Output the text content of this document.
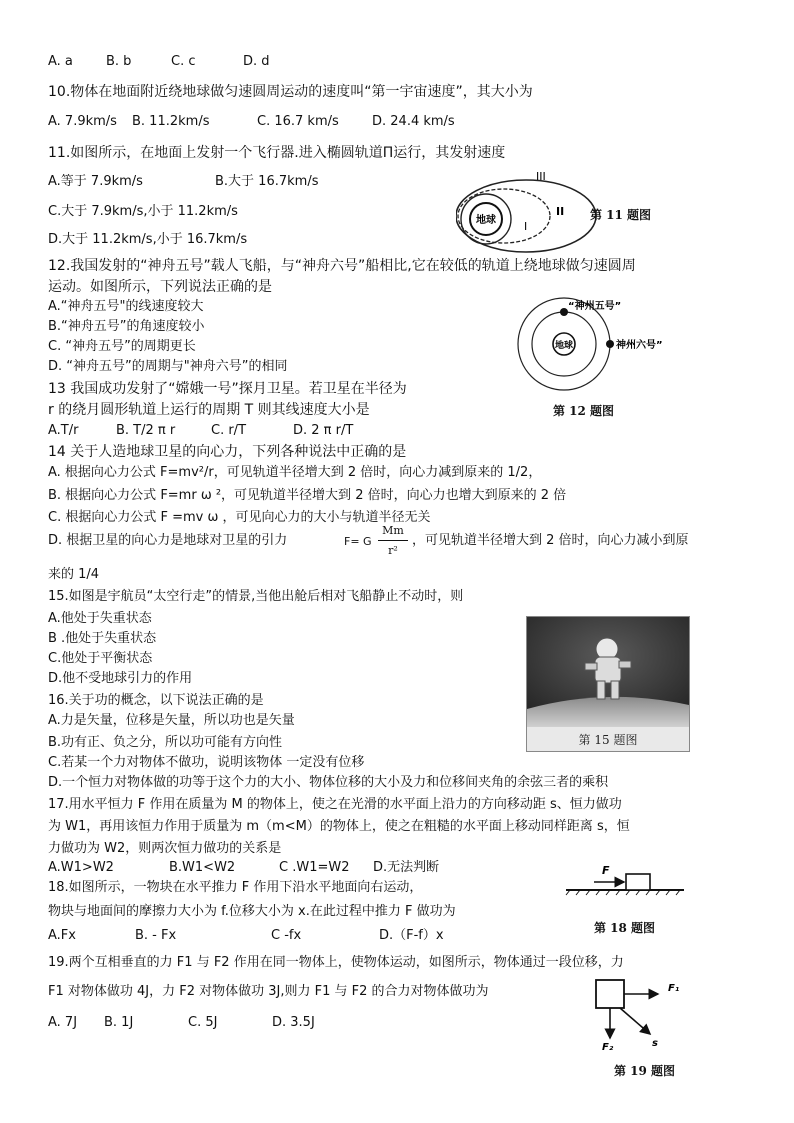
A. a	B. b	C. c	D. d
10.物体在地面附近绕地球做匀速圆周运动的速度叫“第一宇宙速度”，其大小为
A. 7.9km/s B. 11.2km/s	C. 16.7 km/s	D. 24.4 km/s
11.如图所示，在地面上发射一个飞行器.进入椭圆轨道Π运行，其发射速度
A.等于 7.9km/s	B.大于 16.7km/s
C.大于 7.9km/s,小于 11.2km/s
D.大于 11.2km/s,小于 16.7km/s
地球	I
II
III
第 11 题图
12.我国发射的“神舟五号”载人飞船，与“神舟六号”船相比,它在较低的轨道上绕地球做匀速圆周
运动。如图所示，下列说法正确的是
A.“神舟五号"的线速度较大
B.“神舟五号”的角速度较小
C. “神舟五号”的周期更长
D. “神舟五号”的周期与"神舟六号”的相同
地球
“神州五号”
神州六号”
第 12 题图
13 我国成功发射了“嫦娥一号”探月卫星。若卫星在半径为
r 的绕月圆形轨道上运行的周期 T 则其线速度大小是
A.T/r	B. T/2 π r	C. r/T	D. 2 π r/T
14 关于人造地球卫星的向心力，下列各种说法中正确的是
A. 根据向心力公式 F=mv²/r，可见轨道半径增大到 2 倍时，向心力减到原来的 1/2，
B. 根据向心力公式 F=mr ω ²，可见轨道半径增大到 2 倍时，向心力也增大到原来的 2 倍
C. 根据向心力公式 F =mv ω ，可见向心力的大小与轨道半径无关
D. 根据卫星的向心力是地球对卫星的引力	F= G
Mm
r²
，可见轨道半径增大到 2 倍时，向心力减小到原
来的 1/4
15.如图是宇航员“太空行走”的情景,当他出舱后相对飞船静止不动时，则
A.他处于失重状态
B .他处于失重状态
C.他处于平衡状态
D.他不受地球引力的作用
第 15 题图
16.关于功的概念，以下说法正确的是
A.力是矢量，位移是矢量，所以功也是矢量
B.功有正、负之分，所以功可能有方向性
C.若某一个力对物体不做功，说明该物体 一定没有位移
D.一个恒力对物体做的功等于这个力的大小、物体位移的大小及力和位移间夹角的余弦三者的乘积
17.用水平恒力 F 作用在质量为 M 的物体上，使之在光滑的水平面上沿力的方向移动距 s、恒力做功
为 W1，再用该恒力作用于质量为 m（m<M）的物体上，使之在粗糙的水平面上移动同样距离 s，恒
力做功为 W2，则两次恒力做功的关系是
A.W1>W2	B.W1<W2	C .W1=W2 D.无法判断
18.如图所示，一物块在水平推力 F 作用下沿水平地面向右运动，
物块与地面间的摩擦力大小为 f.位移大小为 x.在此过程中推力 F 做功为
A.Fx	B. - Fx	C -fx	D.（F-f）x
F
第 18 题图
19.两个互相垂直的力 F1 与 F2 作用在同一物体上，使物体运动，如图所示，物体通过一段位移，力
F1 对物体做功 4J，力 F2 对物体做功 3J,则力 F1 与 F2 的合力对物体做功为
A. 7J B. 1J	C. 5J	D. 3.5J
F₁
F₂	s
第 19 题图
